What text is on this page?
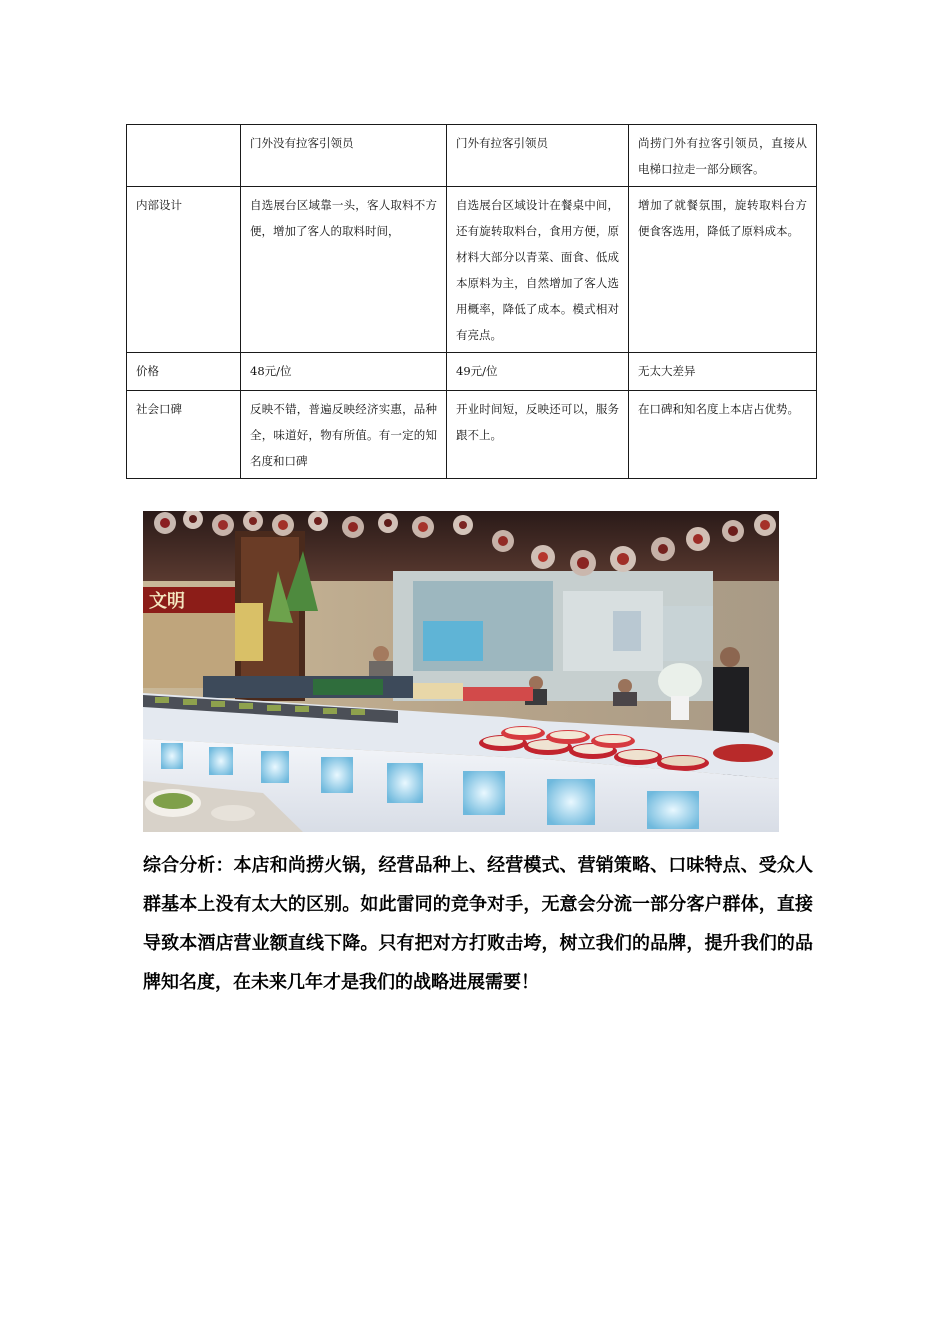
	门外没有拉客引领员	门外有拉客引领员	尚捞门外有拉客引领员，直接从电梯口拉走一部分顾客。
内部设计	自选展台区域靠一头，客人取料不方便，增加了客人的取料时间，	自选展台区域设计在餐桌中间，还有旋转取料台，食用方便，原材料大部分以青菜、面食、低成本原料为主，自然增加了客人选用概率，降低了成本。模式相对有亮点。	增加了就餐氛围，旋转取料台方便食客选用，降低了原料成本。
价格	48元/位	49元/位	无太大差异
社会口碑	反映不错，普遍反映经济实惠，品种全，味道好，物有所值。有一定的知名度和口碑	开业时间短，反映还可以，服务跟不上。	在口碑和知名度上本店占优势。
文明
综合分析：本店和尚捞火锅，经营品种上、经营模式、营销策略、口味特点、受众人群基本上没有太大的区别。如此雷同的竞争对手，无意会分流一部分客户群体，直接导致本酒店营业额直线下降。只有把对方打败击垮，树立我们的品牌，提升我们的品牌知名度，在未来几年才是我们的战略进展需要！
